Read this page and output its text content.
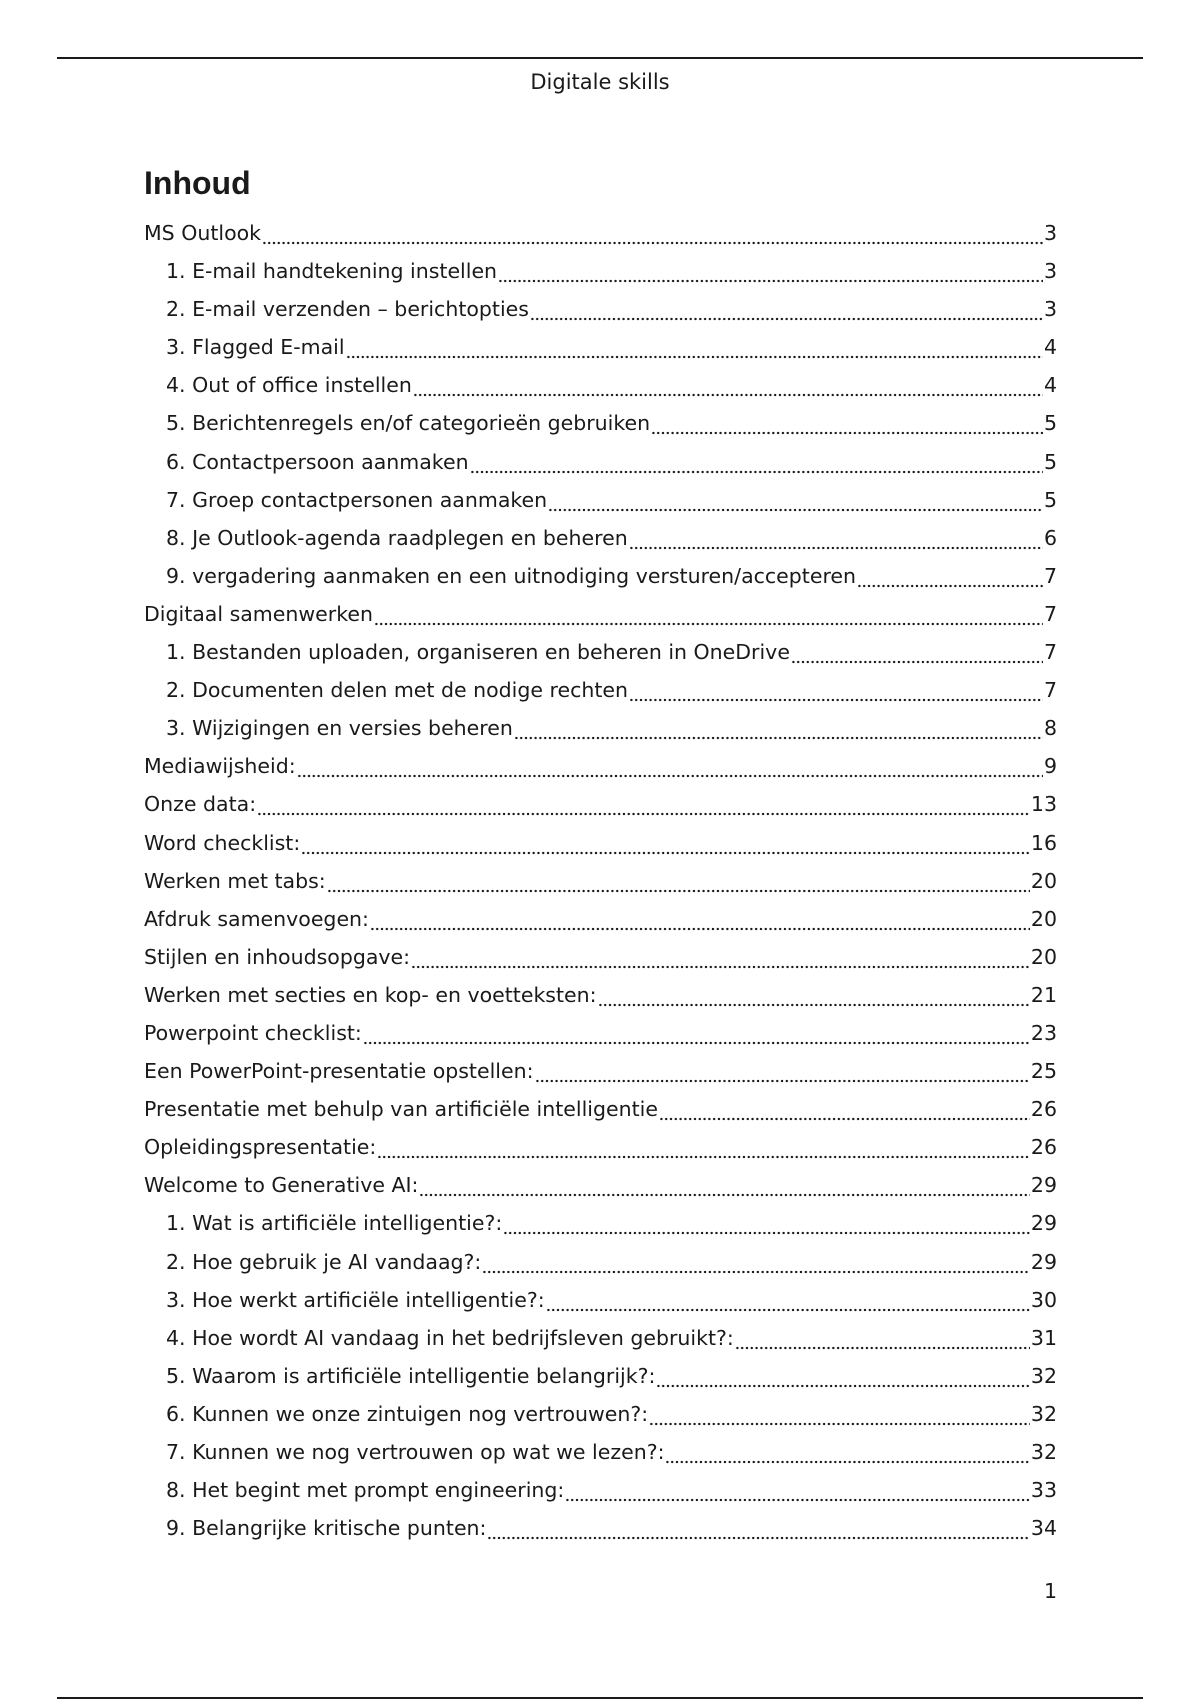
Digitale skills
Inhoud
MS Outlook	3
1. E-mail handtekening instellen	3
2. E-mail verzenden – berichtopties	3
3. Flagged E-mail	4
4. Out of office instellen	4
5. Berichtenregels en/of categorieën gebruiken	5
6. Contactpersoon aanmaken	5
7. Groep contactpersonen aanmaken	5
8. Je Outlook-agenda raadplegen en beheren	6
9. vergadering aanmaken en een uitnodiging versturen/accepteren	7
Digitaal samenwerken	7
1. Bestanden uploaden, organiseren en beheren in OneDrive	7
2. Documenten delen met de nodige rechten	7
3. Wijzigingen en versies beheren	8
Mediawijsheid:	9
Onze data:	13
Word checklist:	16
Werken met tabs:	20
Afdruk samenvoegen:	20
Stijlen en inhoudsopgave:	20
Werken met secties en kop- en voetteksten:	21
Powerpoint checklist:	23
Een PowerPoint-presentatie opstellen:	25
Presentatie met behulp van artificiële intelligentie	26
Opleidingspresentatie:	26
Welcome to Generative AI:	29
1. Wat is artificiële intelligentie?:	29
2. Hoe gebruik je AI vandaag?:	29
3. Hoe werkt artificiële intelligentie?:	30
4. Hoe wordt AI vandaag in het bedrijfsleven gebruikt?:	31
5. Waarom is artificiële intelligentie belangrijk?:	32
6. Kunnen we onze zintuigen nog vertrouwen?:	32
7. Kunnen we nog vertrouwen op wat we lezen?:	32
8. Het begint met prompt engineering:	33
9. Belangrijke kritische punten:	34
1
